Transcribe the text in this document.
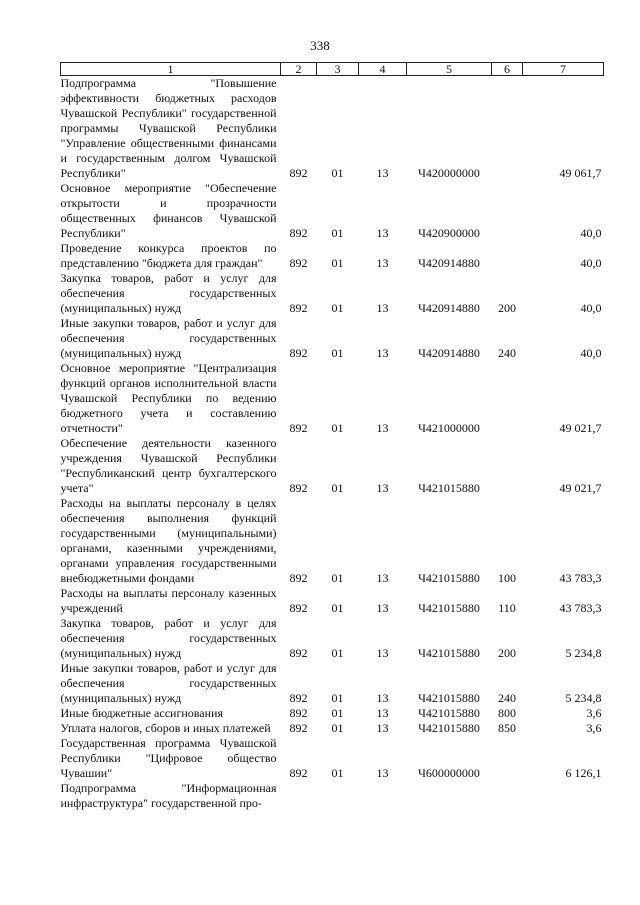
338
1	2	3	4	5	6	7
Подпрограмма "Повышение эффективности бюджетных расходов Чувашской Республики" государственной программы Чувашской Республики "Управление общественными финансами и государственным долгом Чувашской Республики"	892	01	13	Ч420000000		49 061,7
Основное мероприятие "Обеспечение открытости и прозрачности общественных финансов Чувашской Республики"	892	01	13	Ч420900000		40,0
Проведение конкурса проектов по представлению "бюджета для граждан"	892	01	13	Ч420914880		40,0
Закупка товаров, работ и услуг для обеспечения государственных (муниципальных) нужд	892	01	13	Ч420914880	200	40,0
Иные закупки товаров, работ и услуг для обеспечения государственных (муниципальных) нужд	892	01	13	Ч420914880	240	40,0
Основное мероприятие "Централизация функций органов исполнительной власти Чувашской Республики по ведению бюджетного учета и составлению отчетности"	892	01	13	Ч421000000		49 021,7
Обеспечение деятельности казенного учреждения Чувашской Республики "Республиканский центр бухгалтерского учета"	892	01	13	Ч421015880		49 021,7
Расходы на выплаты персоналу в целях обеспечения выполнения функций государственными (муниципальными) органами, казенными учреждениями, органами управления государственными внебюджетными фондами	892	01	13	Ч421015880	100	43 783,3
Расходы на выплаты персоналу казенных учреждений	892	01	13	Ч421015880	110	43 783,3
Закупка товаров, работ и услуг для обеспечения государственных (муниципальных) нужд	892	01	13	Ч421015880	200	5 234,8
Иные закупки товаров, работ и услуг для обеспечения государственных (муниципальных) нужд	892	01	13	Ч421015880	240	5 234,8
Иные бюджетные ассигнования	892	01	13	Ч421015880	800	3,6
Уплата налогов, сборов и иных платежей	892	01	13	Ч421015880	850	3,6
Государственная программа Чувашской Республики "Цифровое общество Чувашии"	892	01	13	Ч600000000		6 126,1
Подпрограмма "Информационная инфраструктура" государственной про-						
